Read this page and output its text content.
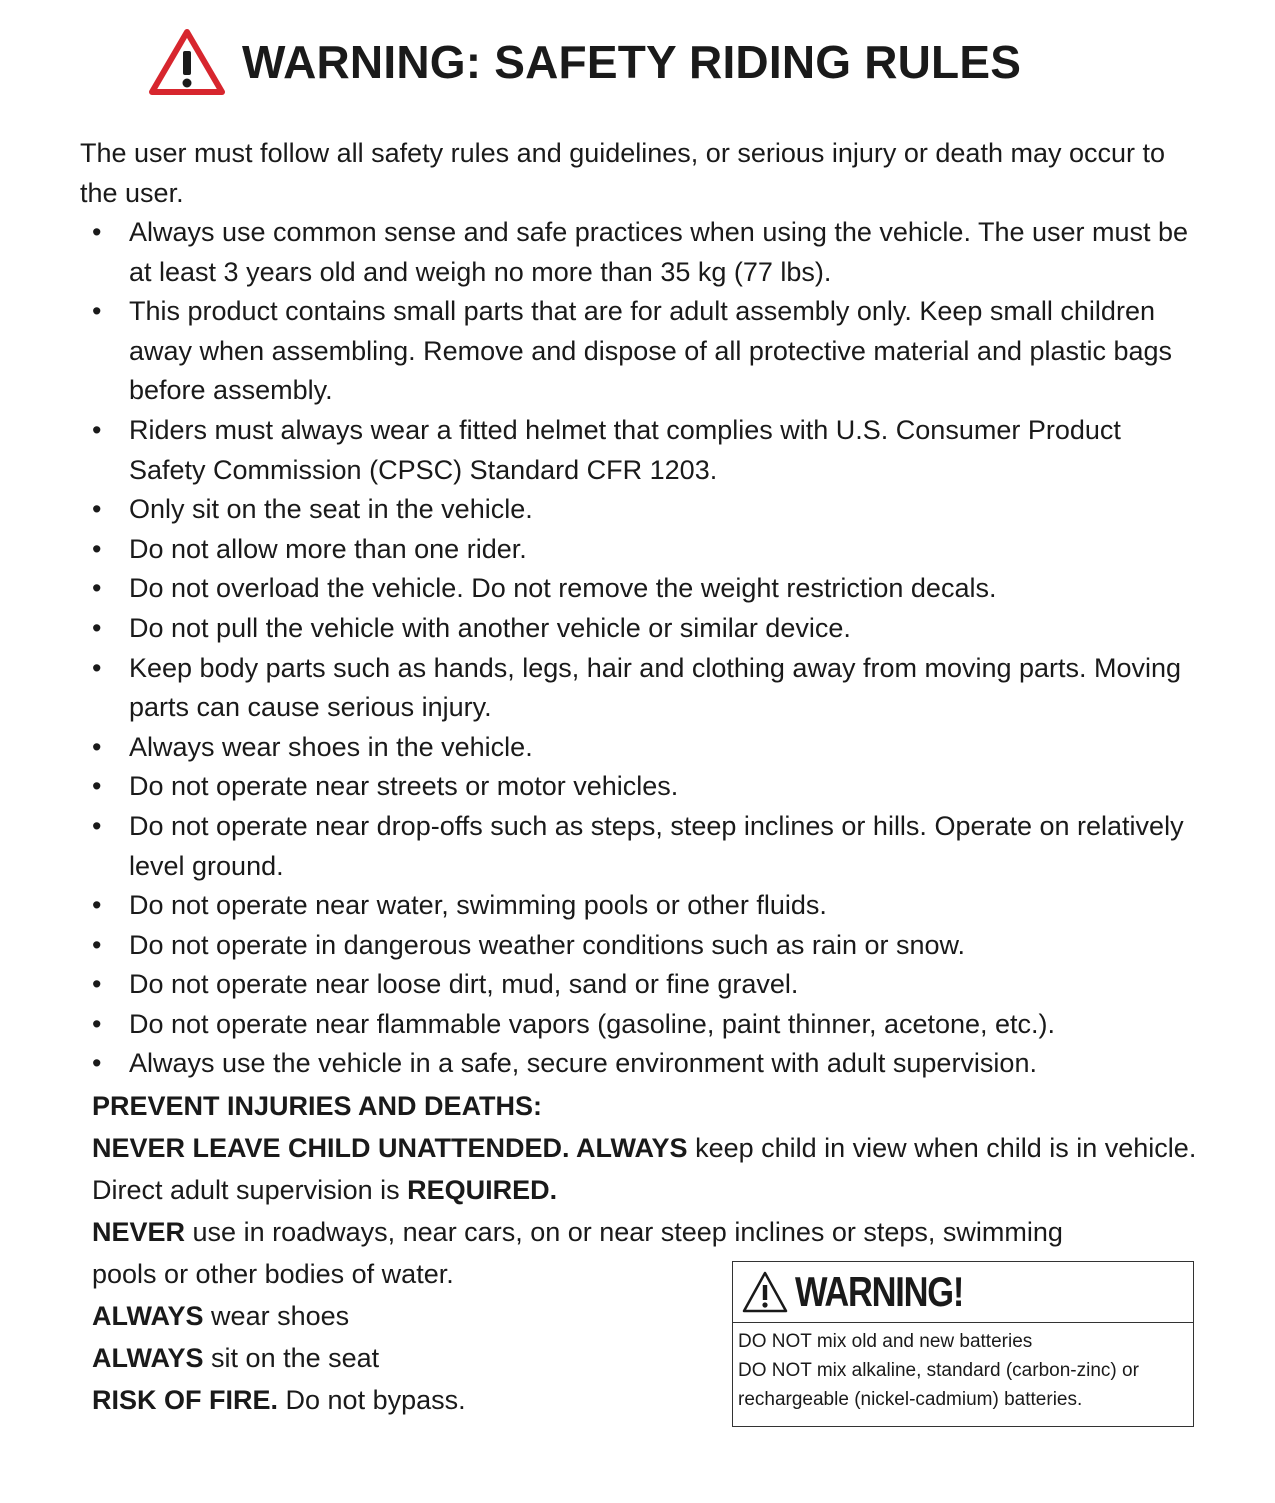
WARNING: SAFETY RIDING RULES
The user must follow all safety rules and guidelines, or serious injury or death may occur to the user.
• Always use common sense and safe practices when using the vehicle. The user must be at least 3 years old and weigh no more than 35 kg (77 lbs).
• This product contains small parts that are for adult assembly only. Keep small children away when assembling. Remove and dispose of all protective material and plastic bags before assembly.
• Riders must always wear a fitted helmet that complies with U.S. Consumer Product Safety Commission (CPSC) Standard CFR 1203.
• Only sit on the seat in the vehicle.
• Do not allow more than one rider.
• Do not overload the vehicle. Do not remove the weight restriction decals.
• Do not pull the vehicle with another vehicle or similar device.
• Keep body parts such as hands, legs, hair and clothing away from moving parts. Moving parts can cause serious injury.
• Always wear shoes in the vehicle.
• Do not operate near streets or motor vehicles.
• Do not operate near drop-offs such as steps, steep inclines or hills. Operate on relatively level ground.
• Do not operate near water, swimming pools or other fluids.
• Do not operate in dangerous weather conditions such as rain or snow.
• Do not operate near loose dirt, mud, sand or fine gravel.
• Do not operate near flammable vapors (gasoline, paint thinner, acetone, etc.).
• Always use the vehicle in a safe, secure environment with adult supervision.

PREVENT INJURIES AND DEATHS:

NEVER LEAVE CHILD UNATTENDED. ALWAYS keep child in view when child is in vehicle. Direct adult supervision is REQUIRED.

NEVER use in roadways, near cars, on or near steep inclines or steps, swimming

pools or other bodies of water.

ALWAYS wear shoes

ALWAYS sit on the seat

RISK OF FIRE. Do not bypass.

WARNING!
DO NOT mix old and new batteries
DO NOT mix alkaline, standard (carbon-zinc) or
rechargeable (nickel-cadmium) batteries.
